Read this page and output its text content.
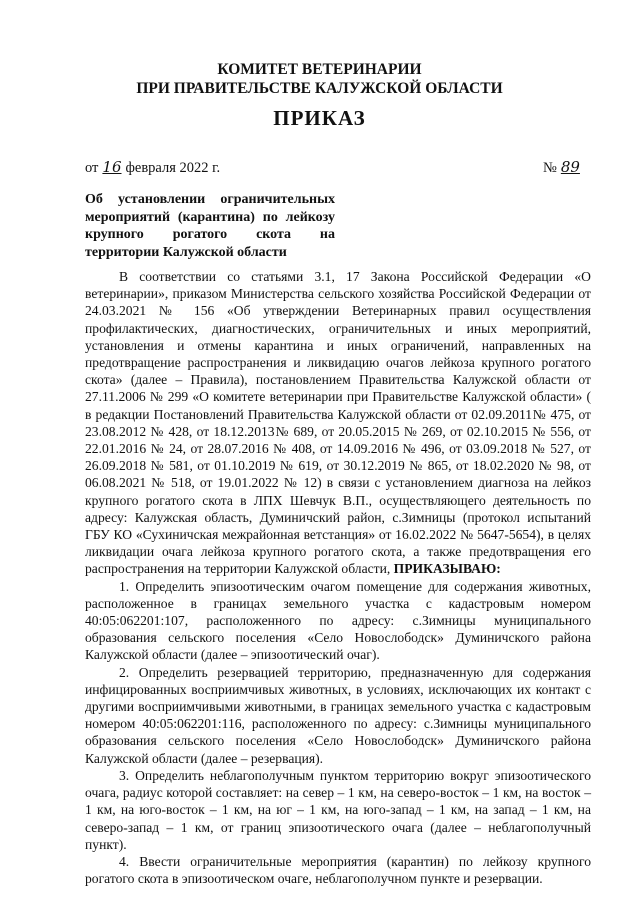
КОМИТЕТ ВЕТЕРИНАРИИ
ПРИ ПРАВИТЕЛЬСТВЕ КАЛУЖСКОЙ ОБЛАСТИ
ПРИКАЗ
от 16 февраля 2022 г.	№ 89
Об установлении ограничительных мероприятий (карантина) по лейкозу крупного рогатого скота на территории Калужской области

В соответствии со статьями 3.1, 17 Закона Российской Федерации «О ветеринарии», приказом Министерства сельского хозяйства Российской Федерации от 24.03.2021 № 156 «Об утверждении Ветеринарных правил осуществления профилактических, диагностических, ограничительных и иных мероприятий, установления и отмены карантина и иных ограничений, направленных на предотвращение распространения и ликвидацию очагов лейкоза крупного рогатого скота» (далее – Правила), постановлением Правительства Калужской области от 27.11.2006 № 299 «О комитете ветеринарии при Правительстве Калужской области» ( в редакции Постановлений Правительства Калужской области от 02.09.2011№ 475, от 23.08.2012 № 428, от 18.12.2013№ 689, от 20.05.2015 № 269, от 02.10.2015 № 556, от 22.01.2016 № 24, от 28.07.2016 № 408, от 14.09.2016 № 496, от 03.09.2018 № 527, от 26.09.2018 № 581, от 01.10.2019 № 619, от 30.12.2019 № 865, от 18.02.2020 № 98, от 06.08.2021 № 518, от 19.01.2022 № 12) в связи с установлением диагноза на лейкоз крупного рогатого скота в ЛПХ Шевчук В.П., осуществляющего деятельность по адресу: Калужская область, Думиничский район, с.Зимницы (протокол испытаний ГБУ КО «Сухиничская межрайонная ветстанция» от 16.02.2022 № 5647-5654), в целях ликвидации очага лейкоза крупного рогатого скота, а также предотвращения его распространения на территории Калужской области, ПРИКАЗЫВАЮ:

1. Определить эпизоотическим очагом помещение для содержания животных, расположенное в границах земельного участка с кадастровым номером 40:05:062201:107, расположенного по адресу: с.Зимницы муниципального образования сельского поселения «Село Новослободск» Думиничского района Калужской области (далее – эпизоотический очаг).

2. Определить резервацией территорию, предназначенную для содержания инфицированных восприимчивых животных, в условиях, исключающих их контакт с другими восприимчивыми животными, в границах земельного участка с кадастровым номером 40:05:062201:116, расположенного по адресу: с.Зимницы муниципального образования сельского поселения «Село Новослободск» Думиничского района Калужской области (далее – резервация).

3. Определить неблагополучным пунктом территорию вокруг эпизоотического очага, радиус которой составляет: на север – 1 км, на северо-восток – 1 км, на восток – 1 км, на юго-восток – 1 км, на юг – 1 км, на юго-запад – 1 км, на запад – 1 км, на северо-запад – 1 км, от границ эпизоотического очага (далее – неблагополучный пункт).

4. Ввести ограничительные мероприятия (карантин) по лейкозу крупного рогатого скота в эпизоотическом очаге, неблагополучном пункте и резервации.
